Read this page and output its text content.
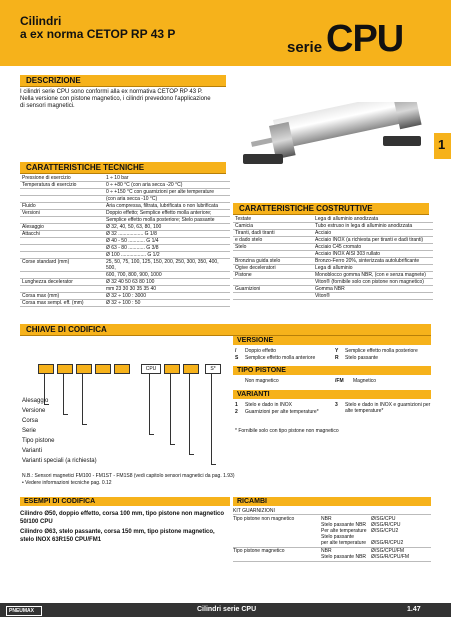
Cilindri
a ex norma CETOP RP 43 P
serie CPU
1
DESCRIZIONE
I cilindri serie CPU sono conformi alla ex normativa CETOP RP 43 P.
Nella versione con pistone magnetico, i cilindri prevedono l'applicazione
di sensori magnetici.
CARATTERISTICHE TECNICHE
Pressione di esercizio	1 ÷ 10 bar
Temperatura di esercizio	0 ÷ +80 °C (con aria secca -20 °C)
	0 ÷ +150 °C con guarnizioni per alte temperature
	(con aria secca -10 °C)
Fluido	Aria compressa, filtrata, lubrificata o non lubrificata
Versioni	Doppio effetto; Semplice effetto molla anteriore;
	Semplice effetto molla posteriore; Stelo passante
Alesaggio	Ø 32, 40, 50, 63, 80, 100
Attacchi	Ø 32 .................. G 1/8
	Ø 40 - 50 ............ G 1/4
	Ø 63 - 80 ............ G 3/8
	Ø 100 .................. G 1/2
Corse standard (mm)	25, 50, 75, 100, 125, 150, 200, 250, 300, 350, 400, 500,
	600, 700, 800, 900, 1000
Lunghezza decelerator	Ø 32 40 50 63 80 100
	mm 23 30 30 35 35 40
Corsa max (mm)	Ø 32 ÷ 100 : 3000
Corsa max sempl. eff. (mm)	Ø 32 ÷ 100 : 50
CARATTERISTICHE COSTRUTTIVE
Testate	Lega di alluminio anodizzata
Camicia	Tubo estruso in lega di alluminio anodizzata
Tiranti, dadi tiranti	Acciaio
e dado stelo	Acciaio INOX (a richiesta per tiranti e dadi tiranti)
Stelo	Acciaio C45 cromato
	Acciaio INOX AISI 303 rullato
Bronzina guida stelo	Bronzo-Ferro 20%, sinterizzata autolubrificante
Ogive deceleratori	Lega di alluminio
Pistone	Monoblocco gomma NBR, (con e senza magnete)
	Viton® (fornibile solo con pistone non magnetico)
Guarnizioni	Gomma NBR
	Viton®
CHIAVE DI CODIFICA
CPU	S*
Alesaggio
Versione
Corsa
Serie
Tipo pistone
Varianti
Varianti speciali (a richiesta)
N.B.: Sensori magnetici FM100 - FM1ST - FM1S8 (vedi capitolo sensori magnetici da pag. 1.93)
• Vedere informazioni tecniche pag. 0.12
VERSIONE
/ Doppio effetto	Y Semplice effetto molla posteriore
S Semplice effetto molla anteriore	R Stelo passante
TIPO PISTONE
Non magnetico	/FM Magnetico
VARIANTI
1 Stelo e dado in INOX
2 Guarnizioni per alte temperature*
3 Stelo e dado in INOX e guarnizioni per alte temperature*
* Fornibile solo con tipo pistone non magnetico
ESEMPI DI CODIFICA
Cilindro Ø50, doppio effetto, corsa 100 mm, tipo pistone non magnetico 50/100 CPU
Cilindro Ø63, stelo passante, corsa 150 mm, tipo pistone magnetico, stelo INOX 63R150 CPU/FM1
RICAMBI
KIT GUARNIZIONI
Tipo pistone non magnetico	NBR	Ø/SG/CPU
Stelo passante NBR Ø/SG/R/CPU
Per alte temperature Ø/SG/CPU2
Stelo passante
per alte temperature Ø/SG/R/CPU2
Tipo pistone magnetico	NBR	Ø/SG/CPU/FM
Stelo passante NBR Ø/SG/R/CPU/FM
PNEUMAX	Cilindri serie CPU	1.47
